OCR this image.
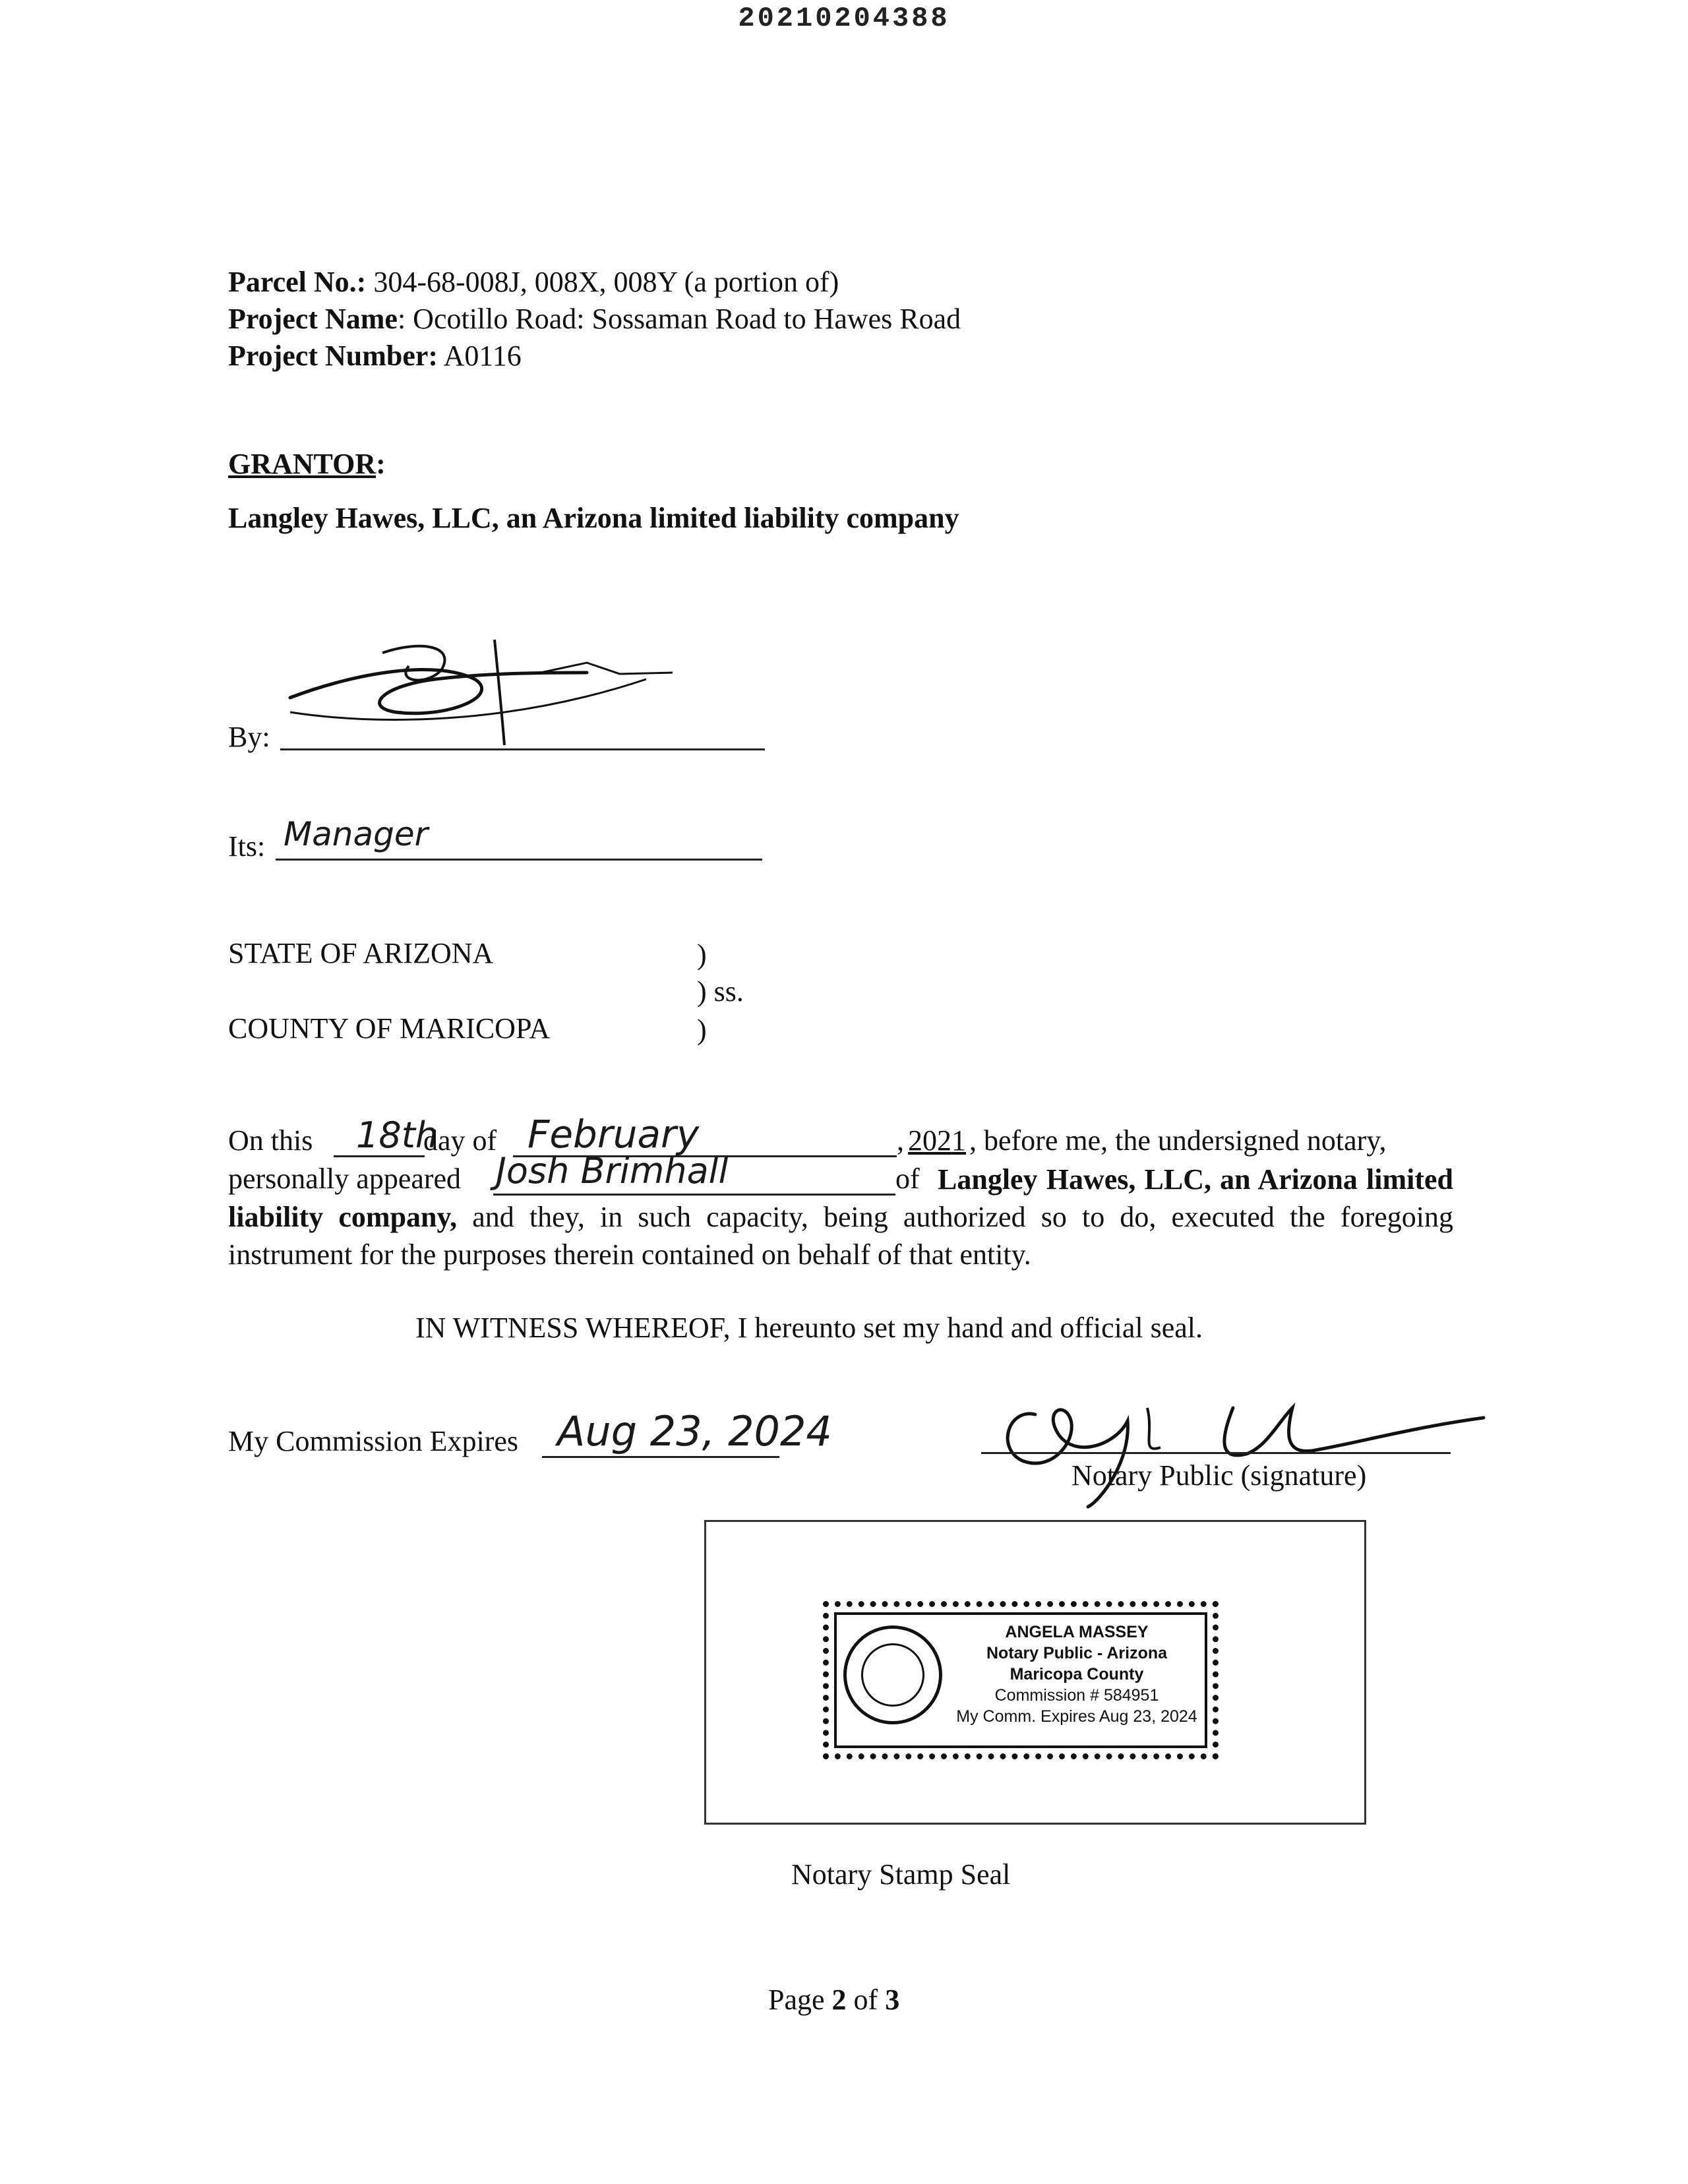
20210204388
Parcel No.: 304-68-008J, 008X, 008Y (a portion of)
Project Name: Ocotillo Road: Sossaman Road to Hawes Road
Project Number: A0116
GRANTOR:
Langley Hawes, LLC, an Arizona limited liability company
By:
Its: Manager
STATE OF ARIZONA	)
) ss.
COUNTY OF MARICOPA	)
On this 18th
day of February	, 2021 , before me, the undersigned notary,
personally appeared Josh Brimhall	of Langley Hawes, LLC, an Arizona limited liability company, and they, in such capacity, being authorized so to do, executed the foregoing instrument for the purposes therein contained on behalf of that entity.
IN WITNESS WHEREOF, I hereunto set my hand and official seal.
My Commission Expires Aug 23, 2024
Notary Public (signature)
ANGELA MASSEY
Notary Public - Arizona
Maricopa County
Commission # 584951
My Comm. Expires Aug 23, 2024
Notary Stamp Seal
Page 2 of 3
